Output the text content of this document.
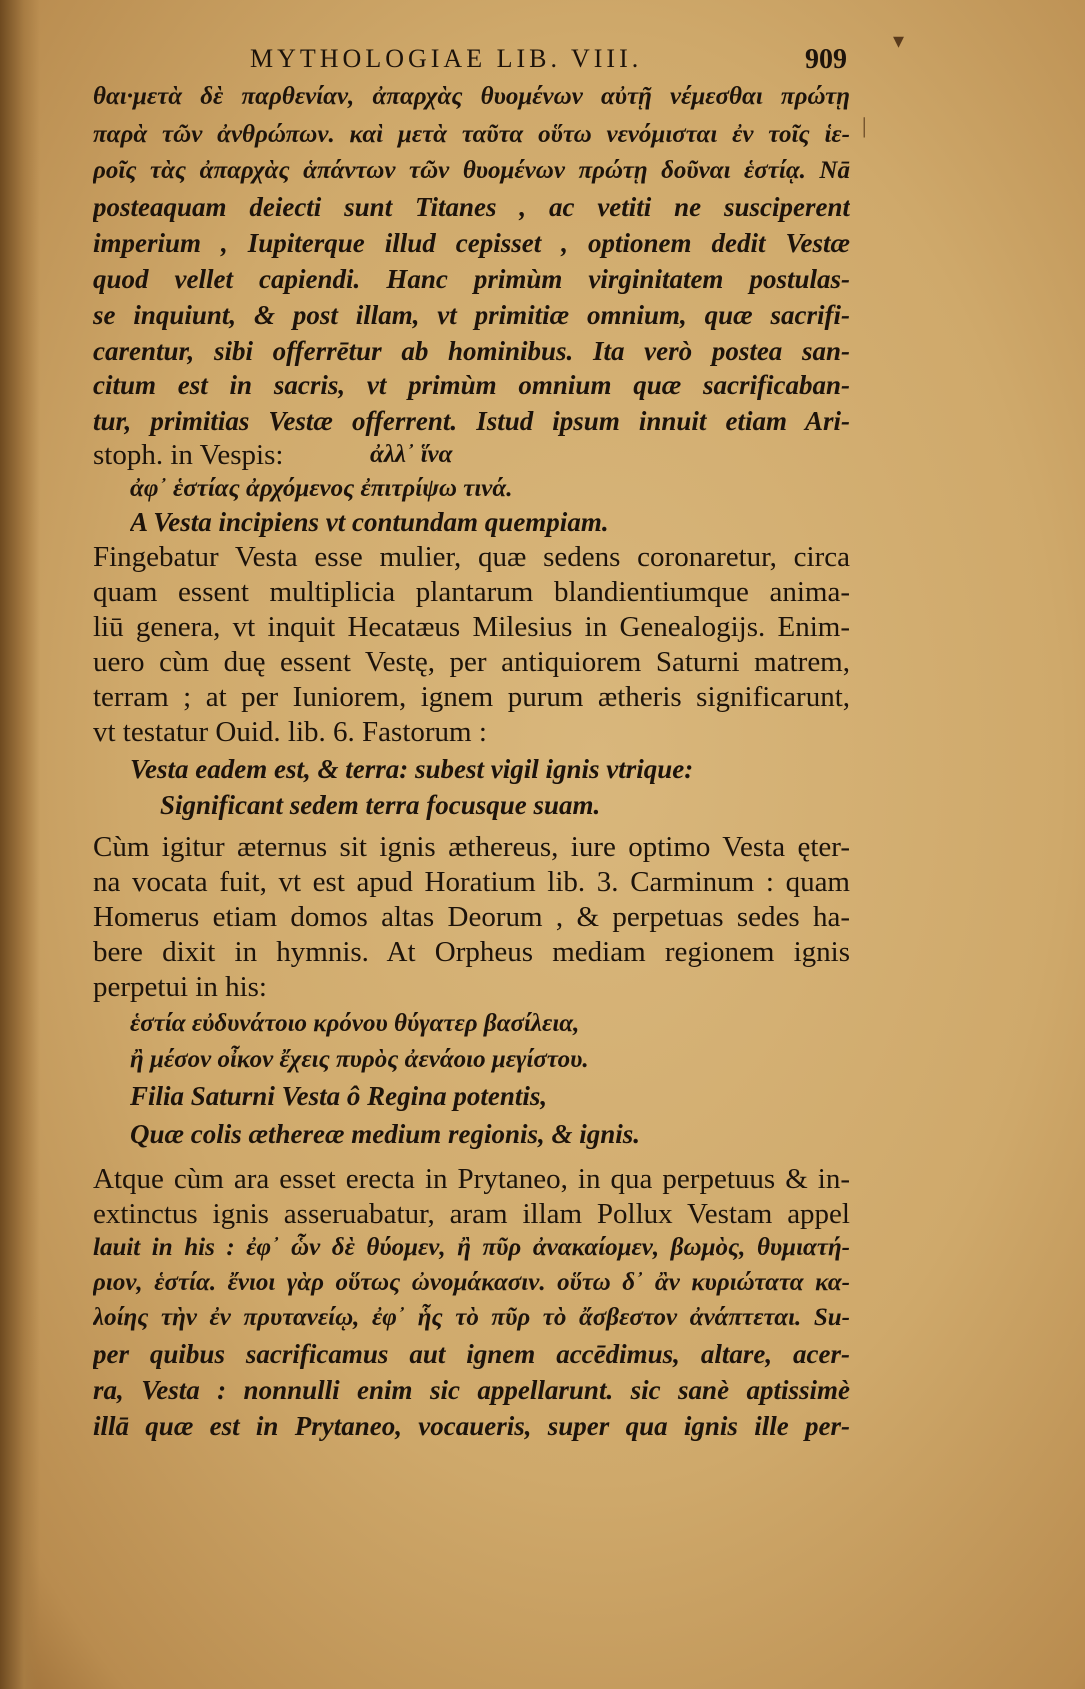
MYTHOLOGIAE LIB. VIII.	909
▾
|
θαι·μετὰ δὲ παρθενίαν, ἀπαρχὰς θυομένων αὐτῇ νέμεσθαι πρώτῃ
παρὰ τῶν ἀνθρώπων. καὶ μετὰ ταῦτα οὕτω νενόμισται ἐν τοῖς ἱε-
ροῖς τὰς ἀπαρχὰς ἁπάντων τῶν θυομένων πρώτῃ δοῦναι ἑστίᾳ. Nā
posteaquam deiecti sunt Titanes , ac vetiti ne susciperent
imperium , Iupiterque illud cepisset , optionem dedit Vestæ
quod vellet capiendi. Hanc primùm virginitatem postulas-
se inquiunt, & post illam, vt primitiæ omnium, quæ sacrifi-
carentur, sibi offerrētur ab hominibus. Ita verò postea san-
citum est in sacris, vt primùm omnium quæ sacrificaban-
tur, primitias Vestæ offerrent. Istud ipsum innuit etiam Ari-
stoph. in Vespis:	ἀλλ᾽ ἵνα
ἀφ᾽ ἑστίας ἀρχόμενος ἐπιτρίψω τινά.
A Vesta incipiens vt contundam quempiam.
Fingebatur Vesta esse mulier, quæ sedens coronaretur, circa
quam essent multiplicia plantarum blandientiumque anima-
liū genera, vt inquit Hecatæus Milesius in Genealogijs. Enim-
uero cùm duę essent Vestę, per antiquiorem Saturni matrem,
terram ; at per Iuniorem, ignem purum ætheris significarunt,
vt testatur Ouid. lib. 6. Fastorum :
Vesta eadem est, & terra: subest vigil ignis vtrique:
Significant sedem terra focusque suam.
Cùm igitur æternus sit ignis æthereus, iure optimo Vesta ęter-
na vocata fuit, vt est apud Horatium lib. 3. Carminum : quam
Homerus etiam domos altas Deorum , & perpetuas sedes ha-
bere dixit in hymnis. At Orpheus mediam regionem ignis
perpetui in his:
ἑστία εὐδυνάτοιο κρόνου θύγατερ βασίλεια,
ἢ μέσον οἶκον ἔχεις πυρὸς ἀενάοιο μεγίστου.
Filia Saturni Vesta ô Regina potentis,
Quæ colis æthereæ medium regionis, & ignis.
Atque cùm ara esset erecta in Prytaneo, in qua perpetuus & in-
extinctus ignis asseruabatur, aram illam Pollux Vestam appel
lauit in his : ἐφ᾽ ὧν δὲ θύομεν, ἢ πῦρ ἀνακαίομεν, βωμὸς, θυμιατή-
ριον, ἑστία. ἔνιοι γὰρ οὕτως ὠνομάκασιν. οὕτω δ᾽ ἂν κυριώτατα κα-
λοίης τὴν ἐν πρυτανείῳ, ἐφ᾽ ἧς τὸ πῦρ τὸ ἄσβεστον ἀνάπτεται. Su-
per quibus sacrificamus aut ignem accēdimus, altare, acer-
ra, Vesta : nonnulli enim sic appellarunt. sic sanè aptissimè
illā quæ est in Prytaneo, vocaueris, super qua ignis ille per-
